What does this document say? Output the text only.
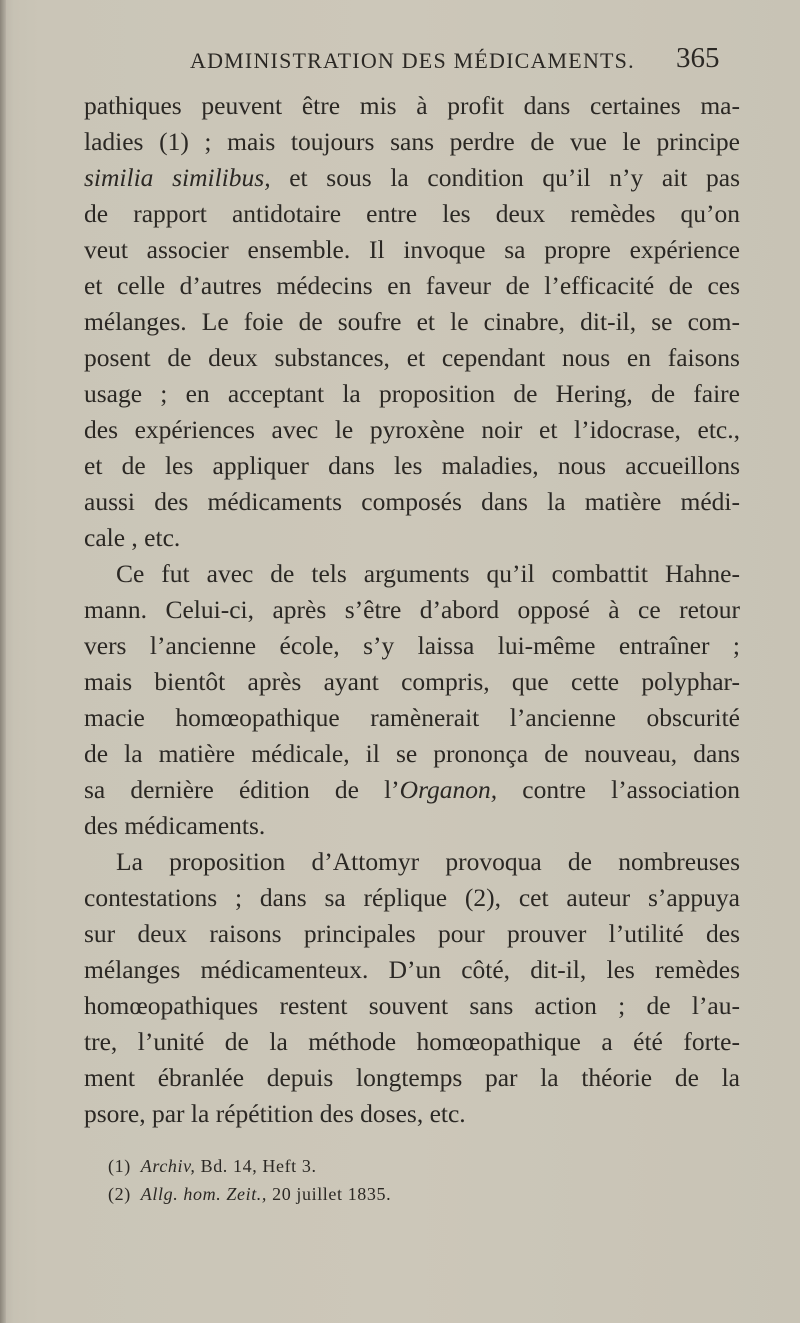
ADMINISTRATION DES MÉDICAMENTS. 365
pathiques peuvent être mis à profit dans certaines ma-
ladies (1) ; mais toujours sans perdre de vue le principe
similia similibus, et sous la condition qu’il n’y ait pas
de rapport antidotaire entre les deux remèdes qu’on
veut associer ensemble. Il invoque sa propre expérience
et celle d’autres médecins en faveur de l’efficacité de ces
mélanges. Le foie de soufre et le cinabre, dit-il, se com-
posent de deux substances, et cependant nous en faisons
usage ; en acceptant la proposition de Hering, de faire
des expériences avec le pyroxène noir et l’idocrase, etc.,
et de les appliquer dans les maladies, nous accueillons
aussi des médicaments composés dans la matière médi-
cale , etc.
Ce fut avec de tels arguments qu’il combattit Hahne-
mann. Celui-ci, après s’être d’abord opposé à ce retour
vers l’ancienne école, s’y laissa lui-même entraîner ;
mais bientôt après ayant compris, que cette polyphar-
macie homœopathique ramènerait l’ancienne obscurité
de la matière médicale, il se prononça de nouveau, dans
sa dernière édition de l’Organon, contre l’association
des médicaments.
La proposition d’Attomyr provoqua de nombreuses
contestations ; dans sa réplique (2), cet auteur s’appuya
sur deux raisons principales pour prouver l’utilité des
mélanges médicamenteux. D’un côté, dit-il, les remèdes
homœopathiques restent souvent sans action ; de l’au-
tre, l’unité de la méthode homœopathique a été forte-
ment ébranlée depuis longtemps par la théorie de la
psore, par la répétition des doses, etc.
(1) Archiv, Bd. 14, Heft 3.
(2) Allg. hom. Zeit., 20 juillet 1835.
